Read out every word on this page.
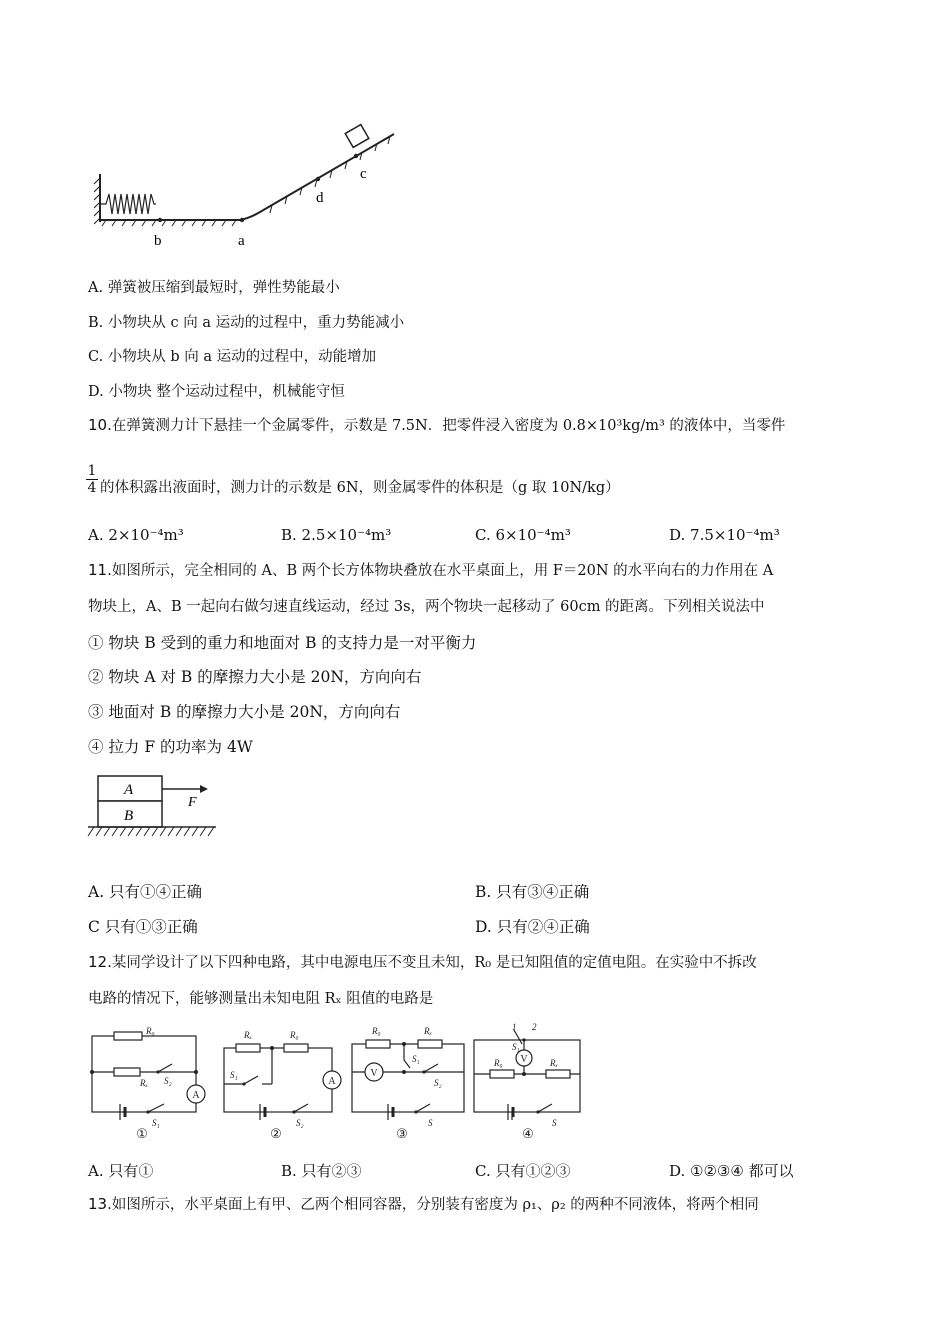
b	a
d
c
A. 弹簧被压缩到最短时，弹性势能最小
B. 小物块从 c 向 a 运动的过程中，重力势能减小
C. 小物块从 b 向 a 运动的过程中，动能增加
D. 小物块 整个运动过程中，机械能守恒
10.在弹簧测力计下悬挂一个金属零件，示数是 7.5N．把零件浸入密度为 0.8×10³kg/m³ 的液体中，当零件
1
4 的体积露出液面时，测力计的示数是 6N，则金属零件的体积是（g 取 10N/kg）
A. 2×10⁻⁴m³	B. 2.5×10⁻⁴m³	C. 6×10⁻⁴m³	D. 7.5×10⁻⁴m³
11.如图所示，完全相同的 A、B 两个长方体物块叠放在水平桌面上，用 F＝20N 的水平向右的力作用在 A
物块上，A、B 一起向右做匀速直线运动，经过 3s，两个物块一起移动了 60cm 的距离。下列相关说法中
① 物块 B 受到的重力和地面对 B 的支持力是一对平衡力
② 物块 A 对 B 的摩擦力大小是 20N，方向向右
③ 地面对 B 的摩擦力大小是 20N，方向向右
④ 拉力 F 的功率为 4W
A
B
F
A. 只有①④正确	B. 只有③④正确
C 只有①③正确	D. 只有②④正确
12.某同学设计了以下四种电路，其中电源电压不变且未知，R₀ 是已知阻值的定值电阻。在实验中不拆改
电路的情况下，能够测量出未知电阻 Rₓ 阻值的电路是
R₀
Rₓ S₂
S₁
Rₓ	R₀
S₁
S₂
R₀	Rₓ
S₁
S₂
S
R₀	Rₓ
S₁
S
1 2
A
A
V
V
①	②	③	④
A. 只有①	B. 只有②③	C. 只有①②③	D. ①②③④ 都可以
13.如图所示，水平桌面上有甲、乙两个相同容器，分别装有密度为 ρ₁、ρ₂ 的两种不同液体，将两个相同
